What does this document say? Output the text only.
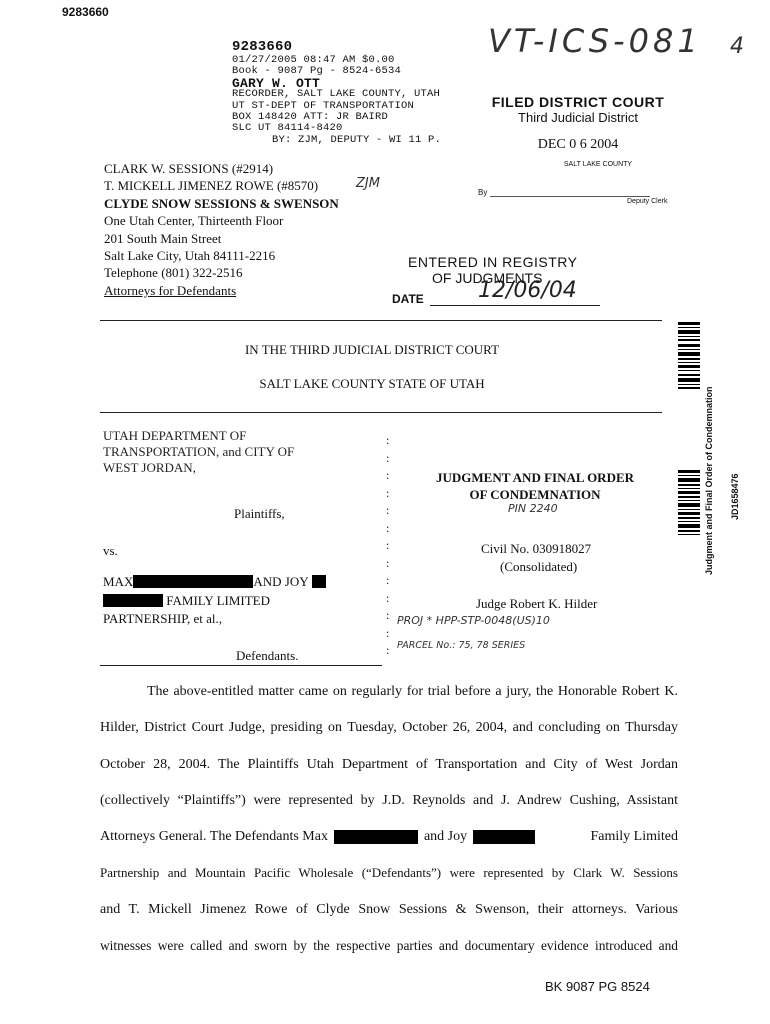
9283660
9283660
01/27/2005 08:47 AM $0.00
Book - 9087 Pg - 8524-6534
GARY W. OTT
RECORDER, SALT LAKE COUNTY, UTAH
UT ST-DEPT OF TRANSPORTATION
BOX 148420 ATT: JR BAIRD
SLC UT 84114-8420
BY: ZJM, DEPUTY - WI 11 P.
VT-ICS-081 4
FILED DISTRICT COURT
Third Judicial District
DEC 0 6 2004
SALT LAKE COUNTY
By
Deputy Clerk
CLARK W. SESSIONS (#2914)
T. MICKELL JIMENEZ ROWE (#8570)
CLYDE SNOW SESSIONS & SWENSON
One Utah Center, Thirteenth Floor
201 South Main Street
Salt Lake City, Utah 84111-2216
Telephone (801) 322-2516
Attorneys for Defendants
ZJM
ENTERED IN REGISTRY
OF JUDGMENTS
DATE 12/06/04
IN THE THIRD JUDICIAL DISTRICT COURT
SALT LAKE COUNTY STATE OF UTAH
UTAH DEPARTMENT OF
TRANSPORTATION, and CITY OF
WEST JORDAN,
Plaintiffs,
vs.
MAX	AND JOY
FAMILY LIMITED
PARTNERSHIP, et al.,
Defendants.
:
:
:
:
:
:
:
:
:
:
:
:
:
JUDGMENT AND FINAL ORDER
OF CONDEMNATION
PIN 2240
Civil No. 030918027
(Consolidated)
Judge Robert K. Hilder
PROJ * HPP-STP-0048(US)10
PARCEL No.: 75, 78 SERIES
The above-entitled matter came on regularly for trial before a jury, the Honorable Robert K.
Hilder, District Court Judge, presiding on Tuesday, October 26, 2004, and concluding on Thursday
October 28, 2004. The Plaintiffs Utah Department of Transportation and City of West Jordan
(collectively “Plaintiffs”) were represented by J.D. Reynolds and J. Andrew Cushing, Assistant
Attorneys General. The Defendants Max	and Joy	Family Limited
Partnership and Mountain Pacific Wholesale (“Defendants”) were represented by Clark W. Sessions
and T. Mickell Jimenez Rowe of Clyde Snow Sessions & Swenson, their attorneys. Various
witnesses were called and sworn by the respective parties and documentary evidence introduced and
BK 9087 PG 8524
Judgment and Final Order of Condemnation JD1658476
